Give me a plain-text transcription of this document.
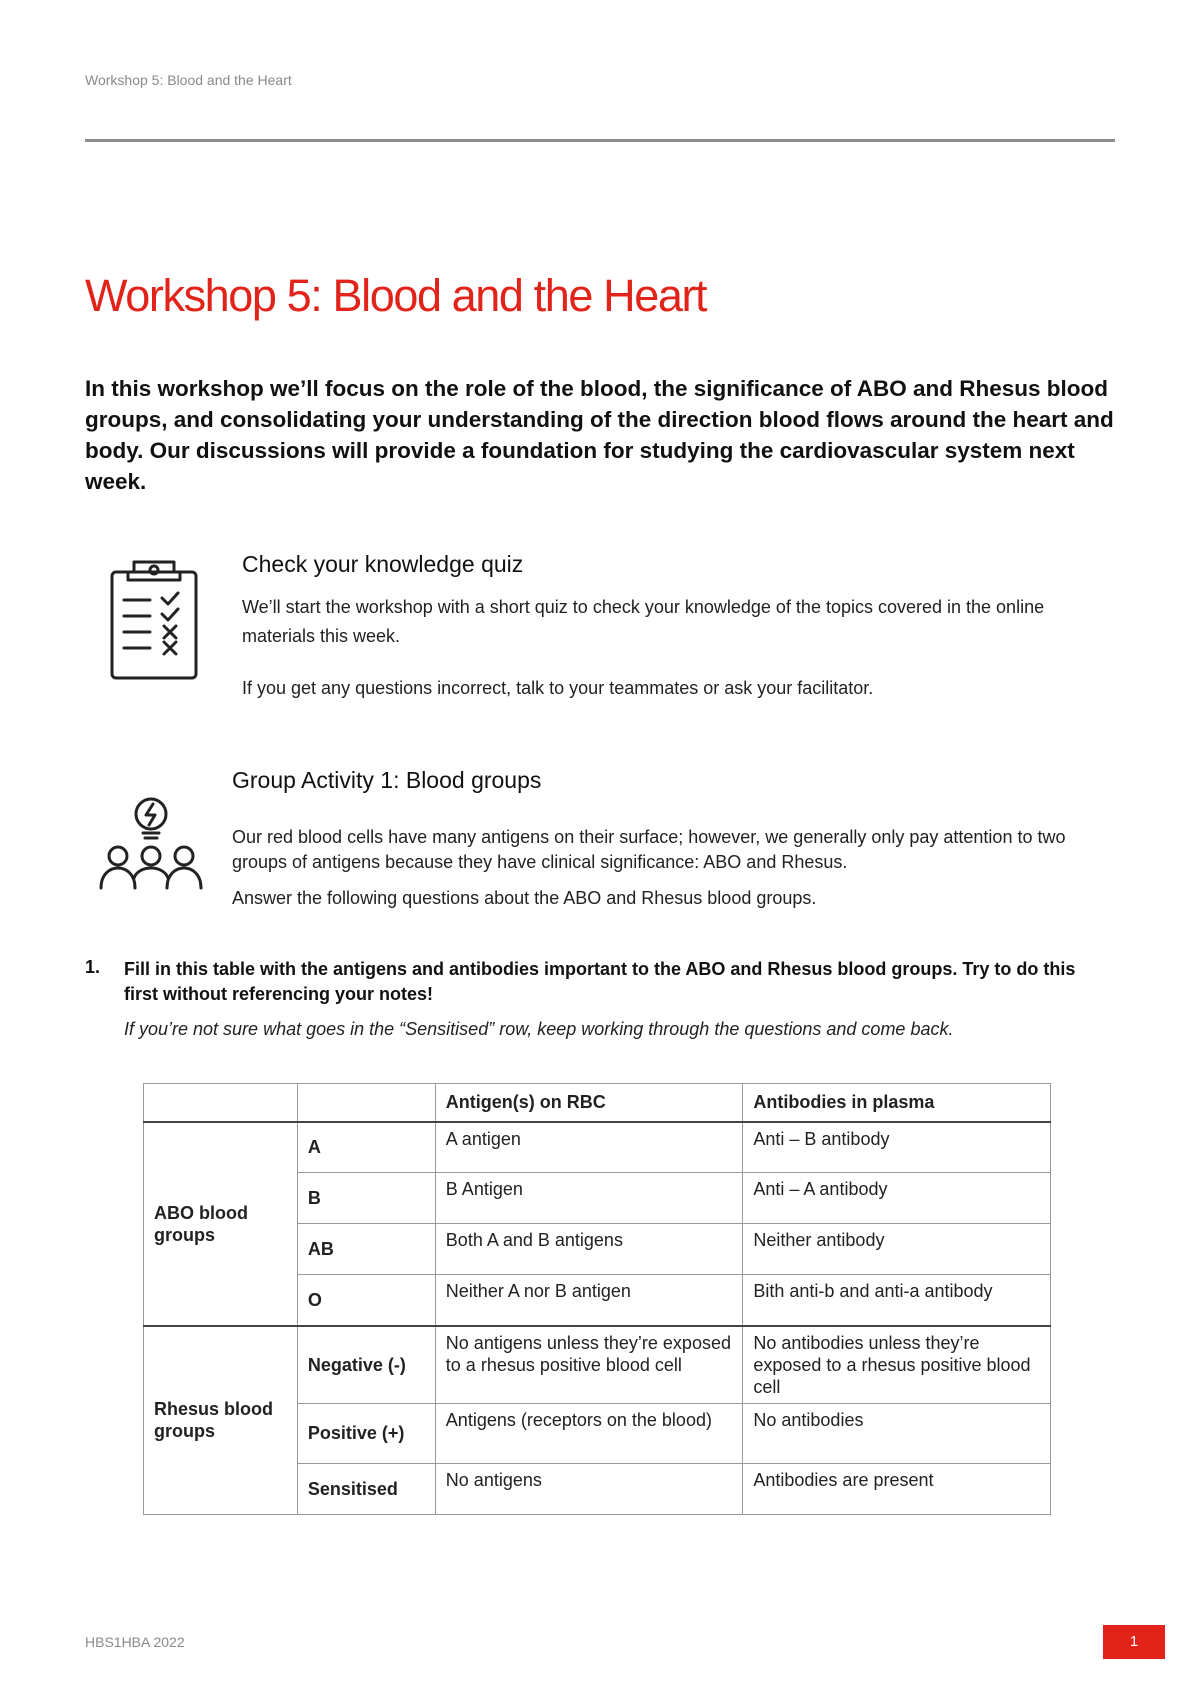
Workshop 5: Blood and the Heart
Workshop 5: Blood and the Heart

In this workshop we’ll focus on the role of the blood, the significance of ABO and Rhesus blood groups, and consolidating your understanding of the direction blood flows around the heart and body. Our discussions will provide a foundation for studying the cardiovascular system next week.

Check your knowledge quiz

We’ll start the workshop with a short quiz to check your knowledge of the topics covered in the online materials this week.

If you get any questions incorrect, talk to your teammates or ask your facilitator.

Group Activity 1: Blood groups

Our red blood cells have many antigens on their surface; however, we generally only pay attention to two groups of antigens because they have clinical significance: ABO and Rhesus.

Answer the following questions about the ABO and Rhesus blood groups.

1. Fill in this table with the antigens and antibodies important to the ABO and Rhesus blood groups. Try to do this first without referencing your notes!

If you’re not sure what goes in the “Sensitised” row, keep working through the questions and come back.

		Antigen(s) on RBC	Antibodies in plasma
ABO blood groups	A	A antigen	Anti – B antibody
	B	B Antigen	Anti – A antibody
	AB	Both A and B antigens	Neither antibody
	O	Neither A nor B antigen	Bith anti-b and anti-a antibody
Rhesus blood groups	Negative (-)	No antigens unless they’re exposed to a rhesus positive blood cell	No antibodies unless they’re exposed to a rhesus positive blood cell
	Positive (+)	Antigens (receptors on the blood)	No antibodies
	Sensitised	No antigens	Antibodies are present
HBS1HBA 2022	1
